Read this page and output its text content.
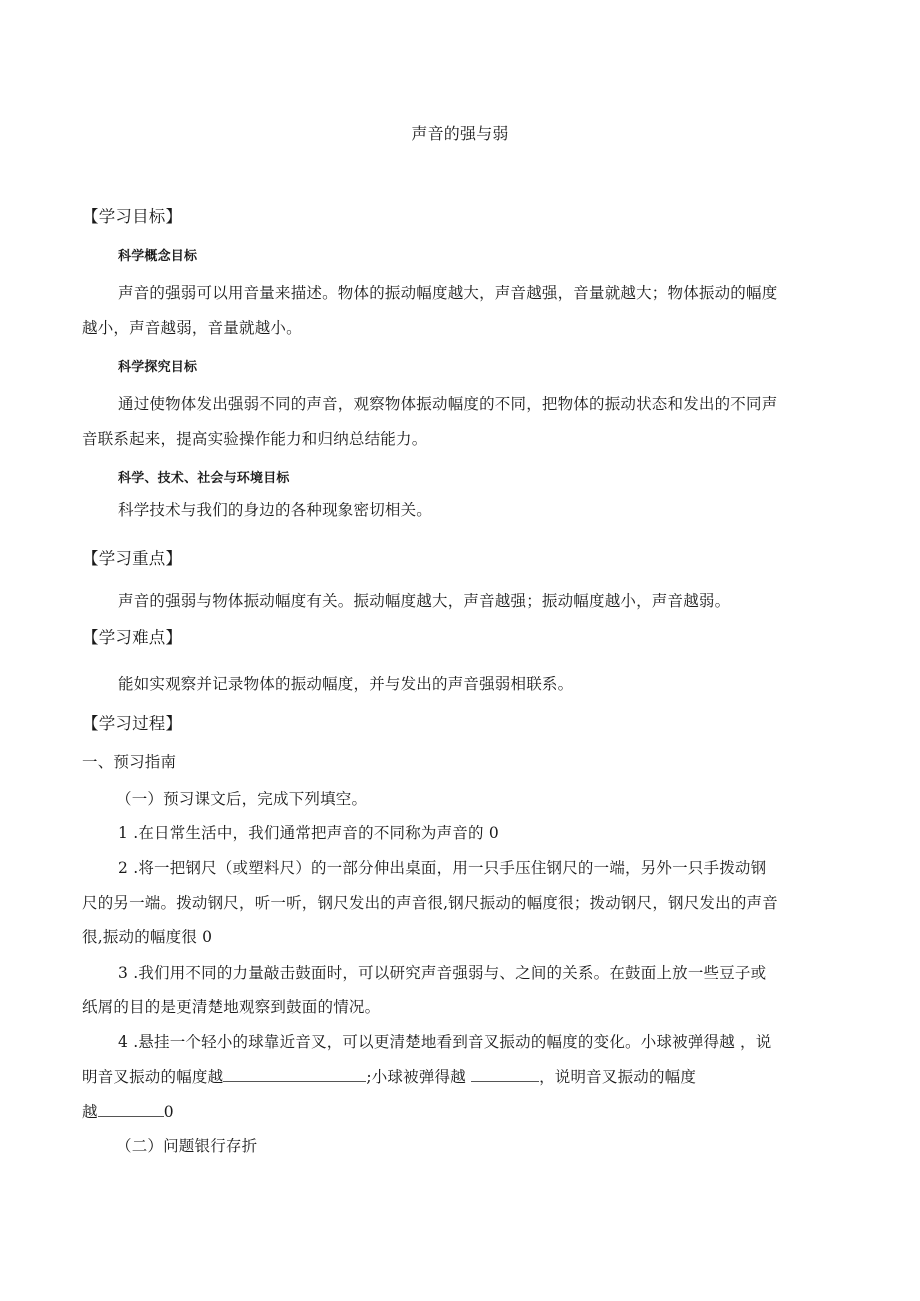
声音的强与弱
【学习目标】
科学概念目标
声音的强弱可以用音量来描述。物体的振动幅度越大，声音越强，音量就越大；物体振动的幅度
越小，声音越弱，音量就越小。
科学探究目标
通过使物体发出强弱不同的声音，观察物体振动幅度的不同，把物体的振动状态和发出的不同声
音联系起来，提高实验操作能力和归纳总结能力。
科学、技术、社会与环境目标
科学技术与我们的身边的各种现象密切相关。
【学习重点】
声音的强弱与物体振动幅度有关。振动幅度越大，声音越强；振动幅度越小，声音越弱。
【学习难点】
能如实观察并记录物体的振动幅度，并与发出的声音强弱相联系。
【学习过程】
一、预习指南
（一）预习课文后，完成下列填空。
1 .在日常生活中，我们通常把声音的不同称为声音的 0
2 .将一把钢尺（或塑料尺）的一部分伸出桌面，用一只手压住钢尺的一端，另外一只手拨动钢
尺的另一端。拨动钢尺，听一听，钢尺发出的声音很,钢尺振动的幅度很；拨动钢尺，钢尺发出的声音
很,振动的幅度很 0
3 .我们用不同的力量敲击鼓面时，可以研究声音强弱与、之间的关系。在鼓面上放一些豆子或
纸屑的目的是更清楚地观察到鼓面的情况。
4 .悬挂一个轻小的球靠近音叉，可以更清楚地看到音叉振动的幅度的变化。小球被弹得越 ，说
明音叉振动的幅度越	;小球被弹得越	，说明音叉振动的幅度
越	0
（二）问题银行存折
